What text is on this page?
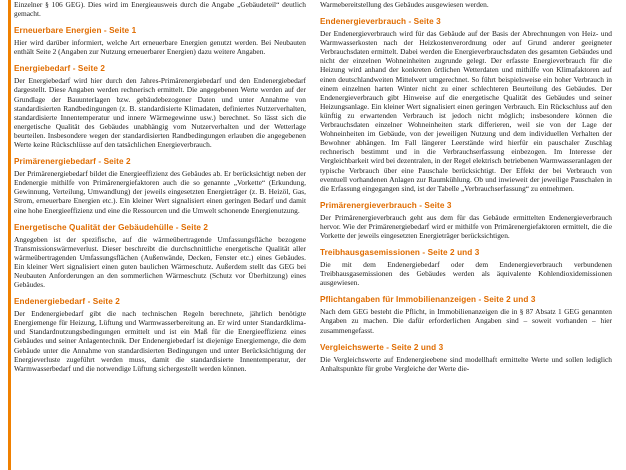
Einzelner § 106 GEG). Dies wird im Energieausweis durch die Angabe „Gebäudeteil“ deutlich gemacht.

Erneuerbare Energien - Seite 1

Hier wird darüber informiert, welche Art erneuerbare Energien genutzt werden. Bei Neubauten enthält Seite 2 (Angaben zur Nutzung erneuerbarer Energien) dazu weitere Angaben.

Energiebedarf - Seite 2

Der Energiebedarf wird hier durch den Jahres-Primärenergiebedarf und den Endenergiebedarf dargestellt. Diese Angaben werden rechnerisch ermittelt. Die angegebenen Werte werden auf der Grundlage der Bauunterlagen bzw. gebäudebezogener Daten und unter Annahme von standardisierten Randbedingungen (z. B. standardisierte Klimadaten, definiertes Nutzerverhalten, standardisierte Innentemperatur und innere Wärmegewinne usw.) berechnet. So lässt sich die energetische Qualität des Gebäudes unabhängig vom Nutzerverhalten und der Wetterlage beurteilen. Insbesondere wegen der standardisierten Randbedingungen erlauben die angegebenen Werte keine Rückschlüsse auf den tatsächlichen Energieverbrauch.

Primärenergiebedarf - Seite 2

Der Primärenergiebedarf bildet die Energieeffizienz des Gebäudes ab. Er berücksichtigt neben der Endenergie mithilfe von Primärenergiefaktoren auch die so genannte „Vorkette“ (Erkundung, Gewinnung, Verteilung, Umwandlung) der jeweils eingesetzten Energieträger (z. B. Heizöl, Gas, Strom, erneuerbare Energien etc.). Ein kleiner Wert signalisiert einen geringen Bedarf und damit eine hohe Energieeffizienz und eine die Ressourcen und die Umwelt schonende Energienutzung.

Energetische Qualität der Gebäudehülle - Seite 2

Angegeben ist der spezifische, auf die wärmeübertragende Umfassungsfläche bezogene Transmissionswärmeverlust. Dieser beschreibt die durchschnittliche energetische Qualität aller wärmeübertragenden Umfassungsflächen (Außenwände, Decken, Fenster etc.) eines Gebäudes. Ein kleiner Wert signalisiert einen guten baulichen Wärmeschutz. Außerdem stellt das GEG bei Neubauten Anforderungen an den sommerlichen Wärmeschutz (Schutz vor Überhitzung) eines Gebäudes.

Endenergiebedarf - Seite 2

Der Endenergiebedarf gibt die nach technischen Regeln berechnete, jährlich benötigte Energiemenge für Heizung, Lüftung und Warmwasserbereitung an. Er wird unter Standardklima- und Standardnutzungsbedingungen ermittelt und ist ein Maß für die Energieeffizienz eines Gebäudes und seiner Anlagentechnik. Der Endenergiebedarf ist diejenige Energiemenge, die dem Gebäude unter die Annahme von standardisierten Bedingungen und unter Berücksichtigung der Energieverluste zugeführt werden muss, damit die standardisierte Innentemperatur, der Warmwasserbedarf und die notwendige Lüftung sichergestellt werden können.

Warmebereitstellung des Gebäudes ausgewiesen werden.

Endenergieverbrauch - Seite 3

Der Endenergieverbrauch wird für das Gebäude auf der Basis der Abrechnungen von Heiz- und Warmwasserkosten nach der Heizkostenverordnung oder auf Grund anderer geeigneter Verbrauchsdaten ermittelt. Dabei werden die Energieverbrauchsdaten des gesamten Gebäudes und nicht der einzelnen Wohneinheiten zugrunde gelegt. Der erfasste Energieverbrauch für die Heizung wird anhand der konkreten örtlichen Wetterdaten und mithilfe von Klimafaktoren auf einen deutschlandweiten Mittelwert umgerechnet. So führt beispielsweise ein hoher Verbrauch in einem einzelnen harten Winter nicht zu einer schlechteren Beurteilung des Gebäudes. Der Endenergieverbrauch gibt Hinweise auf die energetische Qualität des Gebäudes und seiner Heizungsanlage. Ein kleiner Wert signalisiert einen geringen Verbrauch. Ein Rückschluss auf den künftig zu erwartenden Verbrauch ist jedoch nicht möglich; insbesondere können die Verbrauchsdaten einzelner Wohneinheiten stark differieren, weil sie von der Lage der Wohneinheiten im Gebäude, von der jeweiligen Nutzung und dem individuellen Verhalten der Bewohner abhängen. Im Fall längerer Leerstände wird hierfür ein pauschaler Zuschlag rechnerisch bestimmt und in die Verbrauchserfassung einbezogen. Im Interesse der Vergleichbarkeit wird bei dezentralen, in der Regel elektrisch betriebenen Warmwasseranlagen der typische Verbrauch über eine Pauschale berücksichtigt. Der Effekt der bei Verbrauch von eventuell vorhandenen Anlagen zur Raumkühlung. Ob und inwieweit der jeweilige Pauschalen in die Erfassung eingegangen sind, ist der Tabelle „Verbrauchserfassung“ zu entnehmen.

Primärenergieverbrauch - Seite 3

Der Primärenergieverbrauch geht aus dem für das Gebäude ermittelten Endenergieverbrauch hervor. Wie der Primärenergiebedarf wird er mithilfe von Primärenergiefaktoren ermittelt, die die Vorkette der jeweils eingesetzten Energieträger berücksichtigen.

Treibhausgasemissionen - Seite 2 und 3

Die mit dem Endenergiebedarf oder dem Endenergieverbrauch verbundenen Treibhausgasemissionen des Gebäudes werden als äquivalente Kohlendioxidemissionen ausgewiesen.

Pflichtangaben für Immobilienanzeigen - Seite 2 und 3

Nach dem GEG besteht die Pflicht, in Immobilienanzeigen die in § 87 Absatz 1 GEG genannten Angaben zu machen. Die dafür erforderlichen Angaben sind – soweit vorhanden – hier zusammengefasst.

Vergleichswerte - Seite 2 und 3

Die Vergleichswerte auf Endenergieebene sind modellhaft ermittelte Werte und sollen lediglich Anhaltspunkte für grobe Vergleiche der Werte die-
